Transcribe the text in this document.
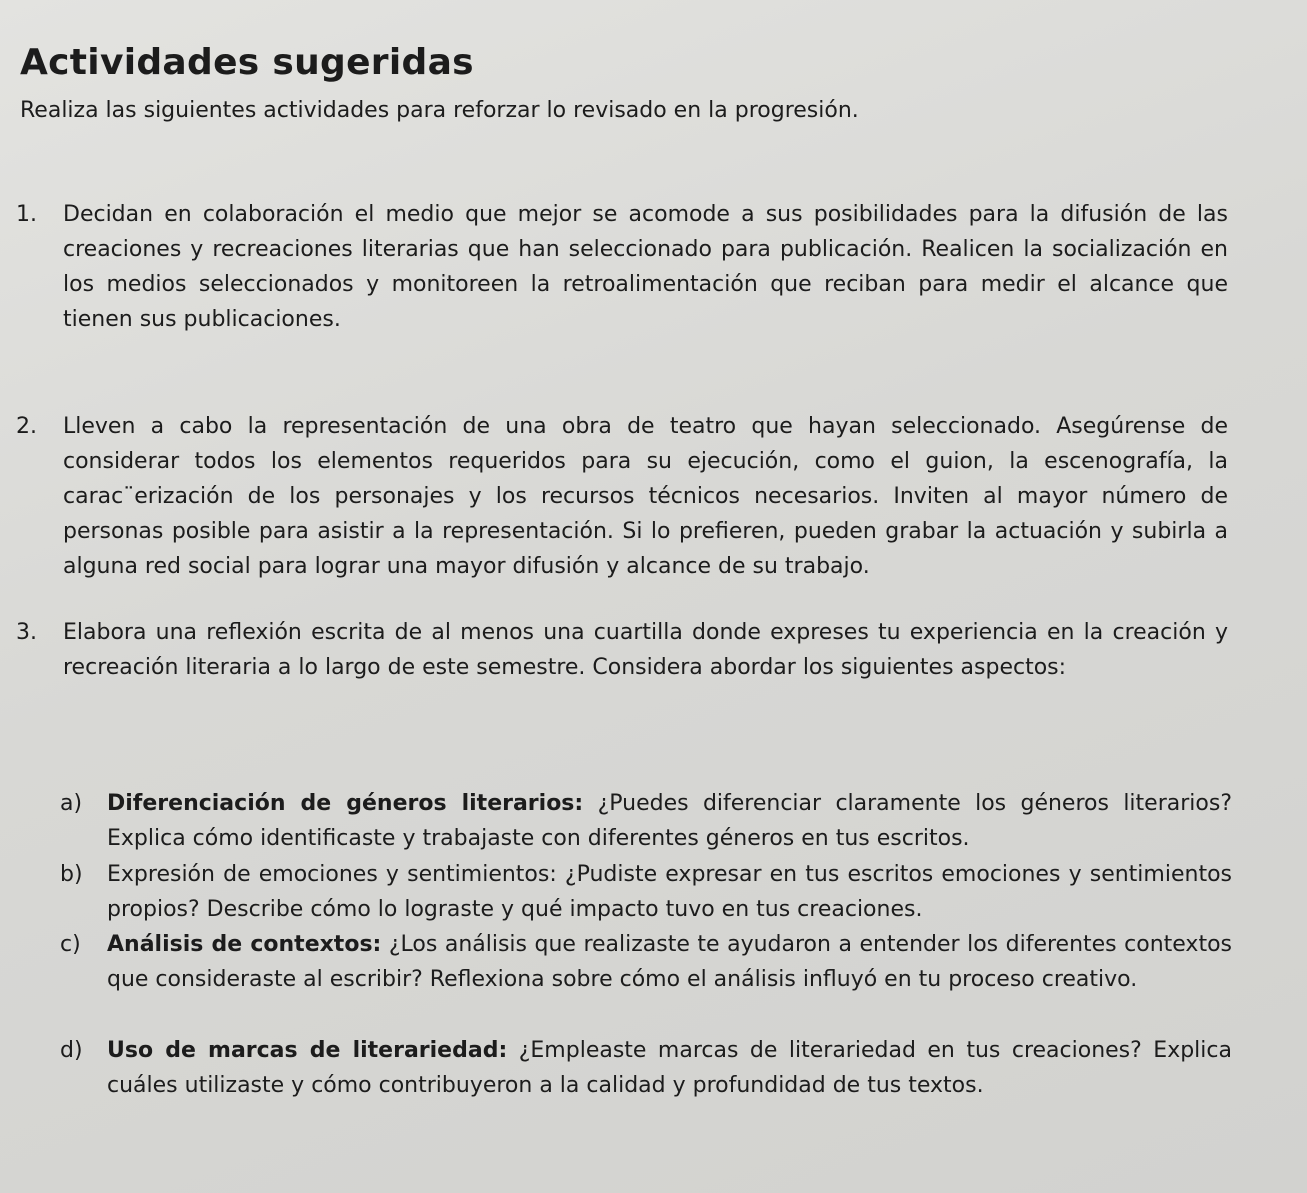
Actividades sugeridas
Realiza las siguientes actividades para reforzar lo revisado en la progresión.
1. Decidan en colaboración el medio que mejor se acomode a sus posibilidades para la difusión de las creaciones y recreaciones literarias que han seleccionado para publicación. Realicen la socialización en los medios seleccionados y monitoreen la retroalimentación que reciban para medir el alcance que tienen sus publicaciones.
2. Lleven a cabo la representación de una obra de teatro que hayan seleccionado. Asegúrense de considerar todos los elementos requeridos para su ejecución, como el guion, la escenografía, la carac¨erización de los personajes y los recursos técnicos necesarios. Inviten al mayor número de personas posible para asistir a la representación. Si lo prefieren, pueden grabar la actuación y subirla a alguna red social para lograr una mayor difusión y alcance de su trabajo.
3. Elabora una reflexión escrita de al menos una cuartilla donde expreses tu experiencia en la creación y recreación literaria a lo largo de este semestre. Considera abordar los siguientes aspectos:
a) Diferenciación de géneros literarios: ¿Puedes diferenciar claramente los géneros literarios? Explica cómo identificaste y trabajaste con diferentes géneros en tus escritos.
b) Expresión de emociones y sentimientos: ¿Pudiste expresar en tus escritos emociones y sentimientos propios? Describe cómo lo lograste y qué impacto tuvo en tus creaciones.
c) Análisis de contextos: ¿Los análisis que realizaste te ayudaron a entender los diferentes contextos que consideraste al escribir? Reflexiona sobre cómo el análisis influyó en tu proceso creativo.
d) Uso de marcas de literariedad: ¿Empleaste marcas de literariedad en tus creaciones? Explica cuáles utilizaste y cómo contribuyeron a la calidad y profundidad de tus textos.
